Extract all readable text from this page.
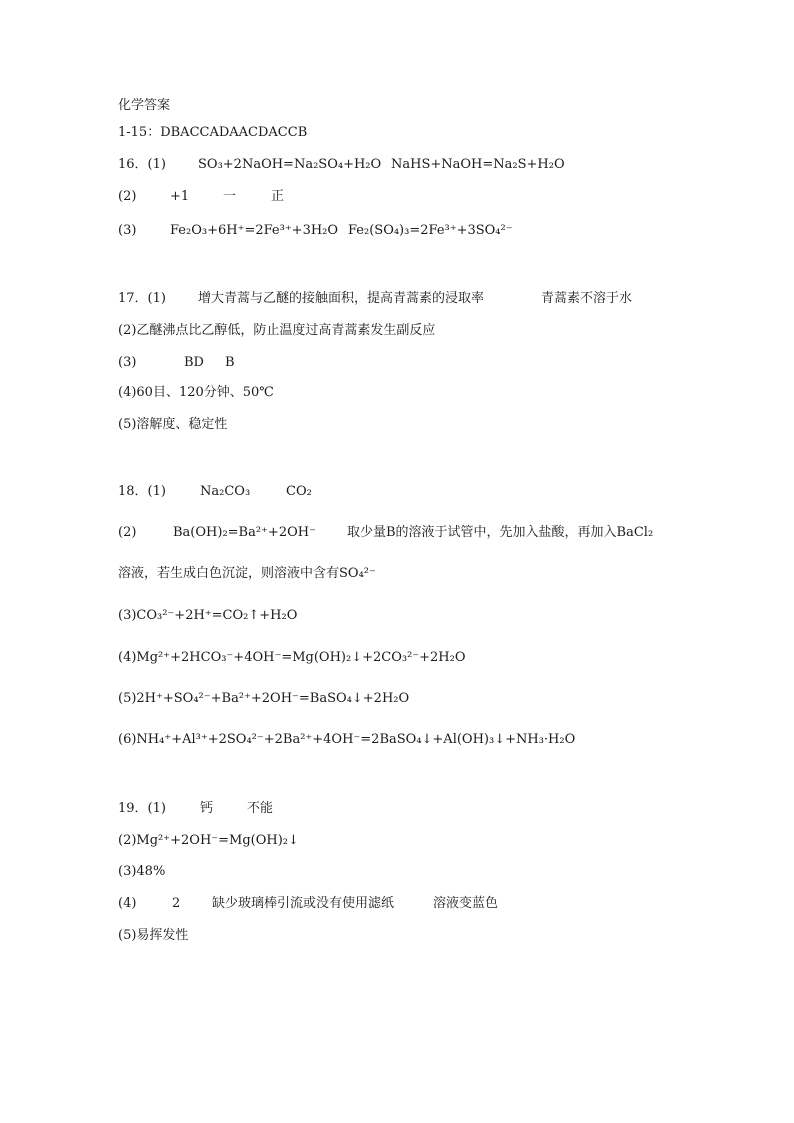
化学答案
1-15：DBACCADAACDACCB
16．(1) SO₃+2NaOH=Na₂SO₄+H₂O NaHS+NaOH=Na₂S+H₂O
(2)	+1	一	正
(3)	Fe₂O₃+6H⁺=2Fe³⁺+3H₂O Fe₂(SO₄)₃=2Fe³⁺+3SO₄²⁻
17．(1) 增大青蒿与乙醚的接触面积，提高青蒿素的浸取率	青蒿素不溶于水
(2)乙醚沸点比乙醇低，防止温度过高青蒿素发生副反应
(3)	BD B
(4)60目、120分钟、50℃
(5)溶解度、稳定性
18．(1)	Na₂CO₃	CO₂
(2)	Ba(OH)₂=Ba²⁺+2OH⁻ 取少量B的溶液于试管中，先加入盐酸，再加入BaCl₂
溶液，若生成白色沉淀，则溶液中含有SO₄²⁻
(3)CO₃²⁻+2H⁺=CO₂↑+H₂O
(4)Mg²⁺+2HCO₃⁻+4OH⁻=Mg(OH)₂↓+2CO₃²⁻+2H₂O
(5)2H⁺+SO₄²⁻+Ba²⁺+2OH⁻=BaSO₄↓+2H₂O
(6)NH₄⁺+Al³⁺+2SO₄²⁻+2Ba²⁺+4OH⁻=2BaSO₄↓+Al(OH)₃↓+NH₃·H₂O
19．(1)	钙	不能
(2)Mg²⁺+2OH⁻=Mg(OH)₂↓
(3)48%
(4)	2 缺少玻璃棒引流或没有使用滤纸	溶液变蓝色
(5)易挥发性
